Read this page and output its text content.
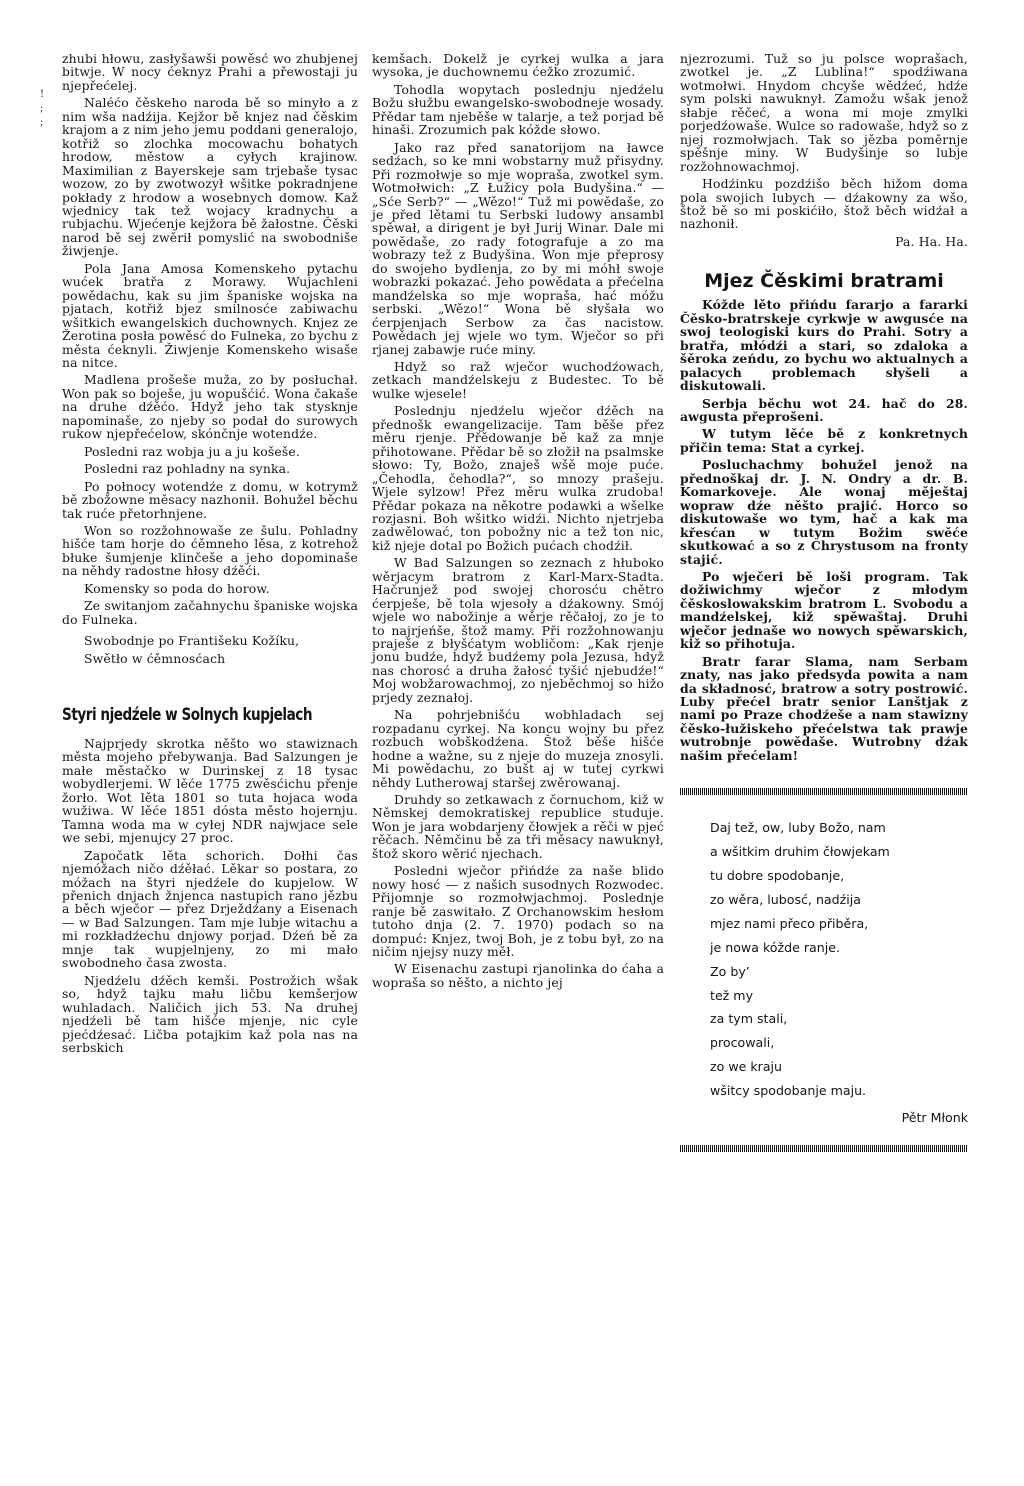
!
;
;

zhubi hłowu, zasłyšawši powěsć wo zhubjenej bitwje. W nocy ćeknyz Prahi a přewostaji ju njepřećelej.

Naléćo čěskeho naroda bě so minyło a z nim wša nadźija. Kejžor bě knjez nad čěskim krajom a z nim jeho jemu poddani generalojo, kotřiž so zlochka mocowachu bohatych hrodow, městow a cyłych krajinow. Maximilian z Bayerskeje sam trjebaše tysac wozow, zo by zwotwozył wšitke pokradnjene pokłady z hrodow a wosebnych domow. Kaž wjednicy tak tež wojacy kradnychu a rubjachu. Wjećenje kejžora bě žałostne. Čěski narod bě sej zwěrił pomyslić na swobodniše žiwjenje.

Pola Jana Amosa Komenskeho pytachu wućek bratřa z Morawy. Wujachleni powědachu, kak su jim španiske wojska na pjatach, kotřiž bjez smilnosće zabiwachu wšitkich ewangelskich duchownych. Knjez ze Žerotina posła powěsć do Fulneka, zo bychu z města ćeknyli. Žiwjenje Komenskeho wisaše na nitce.

Madlena prošeše muža, zo by posłuchał. Won pak so boješe, ju wopušćić. Wona čakaše na druhe dźěćo. Hdyž jeho tak stysknje napominaše, zo njeby so podał do surowych rukow njepřećelow, skónčnje wotеndźe.

Posledni raz wobja ju a ju košeše.

Posledni raz pohladny na synka.

Po połnocy wotеndźe z domu, w kotrymž bě zbožowne měsacy nazhonił. Bohužel běchu tak ruće přetorhnjene.

Won so rozžohnowaše ze šulu. Pohladny hišće tam horje do ćěmneho lěsa, z kotrehož błuke šumjenje klinčeše a jeho dopominaše na něhdy radostne hłosy dźěći.

Komensky so poda do horow.

Ze switanjom začahnychu španiske wojska do Fulneka.

Swobodnje po Františeku Kožíku,

Swětło w ćěmnosćach

Styri njedźele w Solnych kupjelach

Najprjedy skrotka něšto wo stawiznach města mojeho přebywanja. Bad Salzungen je małe městačko w Durinskej z 18 tysac wobydlerjemi. W lěće 1775 zwěsćichu přenje žorło. Wot lěta 1801 so tuta hojaca woda wužiwa. W lěće 1851 dósta město hojernju. Tamna woda ma w cyłej NDR najwjace sele we sebi, mjenujcy 27 proc.

Započatk lěta schorich. Dołhi čas njemóžach ničo dźěłać. Lěkar so postara, zo móžach na štyri njedźele do kupjelow. W přenich dnjach žnjenca nastupich rano jězbu a běch wječor — přez Drježdźany a Eisenach — w Bad Salzungen. Tam mje lubje witachu a mi rozkładźechu dnjowy porjad. Dźeń bě za mnje tak wupjelnjeny, zo mi mało swobodneho časa zwosta.

Njedźelu dźěch kemši. Postrožich wšak so, hdyž tajku mału ličbu kemšerjow wuhladach. Naličich jich 53. Na druhej njedźeli bě tam hišće mjenje, nic cyle pjećdźesać. Ličba potajkim kaž pola nas na serbskich

kemšach. Dokelž je cyrkej wulka a jara wysoka, je duchownemu ćežko zrozumić.

Tohodla wopytach poslednju njedźelu Božu słužbu ewangelsko-swobodneje wosady. Přědar tam njeběše w talarje, a tež porjad bě hinaši. Zrozumich pak kóžde słowo.

Jako raz před sanatorijom na ławce sedźach, so ke mni wobstarny muž přisydny. Při rozmołwje so mje woprаša, zwotkel sym. Wotmołwich: „Z Łužicy pola Budyšina.“ — „Sće Serb?“ — „Wězo!“ Tuž mi powědaše, zo je před lětami tu Serbski ludowy ansambl spěwał, a dirigent je był Jurij Winar. Dale mi powědaše, zo rady fotografuje a zo ma wobrazy tež z Budyšina. Won mje přeprosy do swojeho bydlenja, zo by mi móhł swoje wobrazki pokazać. Jeho powědata a přećelna mandźelska so mje woprаša, hać móžu serbski. „Wězo!“ Wona bě słyšała wo ćerpjenjach Serbow za čas nacistow. Powědach jej wjele wo tym. Wječor so při rjanej zabawje ruće miny.

Hdyž so raž wječor wuchodźowach, zetkach mandźelskeju z Budestec. To bě wulke wjeselе!

Poslednju njedźelu wječor dźěch na přednošk ewangelizacije. Tam běše přez měru rjenje. Přědowanje bě kaž za mnje přihotowane. Přědar bě so złožił na psalmske słowo: Ty, Božo, znaješ wšě moje pućе. „Čehodla, čehodla?“, so mnozy prašeju. Wjele sylzow! Přez měru wulka zrudoba! Přědar pokaza na někotre podawki a wšelke rozjasni. Boh wšitko widźi. Nichto njetrjeba zadwělować, ton pobožny nic a tež ton nic, kiž njeje dotal po Božich pućach chodźił.

W Bad Salzungen so zeznach z hłuboko wěrjacym bratrom z Karl-Marx-Stadta. Hačrunjež pod swojej chorosću chětro ćerpješe, bě tola wjesoły a dźakowny. Smój wjele wo nabožinje a wěrje rěčałoj, zo je to to najrjeńše, štož mamy. Při rozžohnowanju prajеše z błyšćatym wobličom: „Kak rjenje jonu budźe, hdyž budźemy pola Jezusa, hdyž nas chorosć a druha žałosć tyšić njebudźe!“ Moj wobžarowachmoj, zo njeběchmoj so hižo prjedy zeznałoj.

Na pohrjebnišću wobhladach sej rozpadanu cyrkej. Na koncu wojny bu přez rozbuch wobškodźena. Štož běše hišće hodne a wažne, su z njeje do muzeja znosyli. Mi powědachu, zo bušt aj w tutej cyrkwi něhdy Lutherowaj staršej zwěrowanaj.

Druhdy so zetkawach z čornuchom, kiž w Němskej demokratiskej republice studuje. Won je jara wobdarjeny čłowjek a rěči w pjeć rěčach. Němčinu bě za tři měsacy nawuknył, štož skoro wěrić njechach.

Posledni wječor přińdźe za naše blido nowy hosć — z našich susodnych Rozwodec. Přijomnje so rozmołwjachmoj. Poslednje ranje bě zaswitało. Z Orchanowskim hesłom tutoho dnja (2. 7. 1970) podach so na dompuć: Knjez, twoj Boh, je z tobu był, zo na ničim njejsy nuzy měł.

W Eisenachu zastupi rjanolinka do ćaha a woprаša so něšto, a nichto jej

njezrozumi. Tuž so ju polsce woprašach, zwotkel je. „Z Lublina!“ spodźiwana wotmołwi. Hnydom chcyše wědźeć, hdźe sym polski nawuknył. Zamožu wšak jenož słabje rěčeć, a wona mi moje zmylki porjedźowaše. Wulce so radowaše, hdyž so z njej rozmołwjach. Tak so jězba poměrnje spěšnje miny. W Budyšinje so lubje rozžohnowachmoj.

Hodźinku pozdźišo běch hižom doma pola swojich lubych — dźakowny za wšo, štož bě so mi poskićiło, štož běch widźał a nazhonił.

Pa. Ha. Ha.

Mjez Čěskimi bratrami

Kóžde lěto přińdu fararjo a fararki Čěsko-bratrskeje cyrkwje w awgusće na swoj teologiski kurs do Prahi. Sotry a bratřa, młódźi a stari, so zdaloka a šěroka zeńdu, zo bychu wo aktualnych a palacych problemach słyšeli a diskutowali.

Serbja běchu wot 24. hač do 28. awgusta přeprošeni.

W tutym lěće bě z konkretnych přičin tema: Stat a cyrkej.

Posluchachmy bohužel jenož na přednoškaj dr. J. N. Ondry a dr. B. Komarkoveje. Ale wonaj měještaj wopraw dźe něšto prajić. Horco so diskutowaše wo tym, hač a kak ma křesćan w tutym Božim swěće skutkować a so z Chrystusom na fronty stajić.

Po wječeri bě loši program. Tak dožiwichmy wječor z młodym čěskoslowakskim bratrom L. Svobodu a mandźelskej, kiž spěwaštaj. Druhi wječor jednaše wo nowych spěwarskich, kiž so přihotuja.

Bratr farar Slama, nam Serbam znaty, nas jako předsyda powita a nam da składnosć, bratrow a sotry postrowić. Luby přećel bratr senior Lanštjak z nami po Praze chodźeše a nam stawizny čěsko-łužiskeho přećelstwa tak prawje wutrobnje powědaše. Wutrobny dźak našim přećelam!

Daj tež, ow, luby Božo, nam
a wšitkim druhim čłowjekam
tu dobre spodobanje,
zo wěra, lubosć, nadźija
mjez nami přeco přiběra,
je nowa kóžde ranje.
Zo by’
tež my
za tym stali,
procowali,
zo we kraju
wšitcy spodobanje maju.
Pětr Młonk
